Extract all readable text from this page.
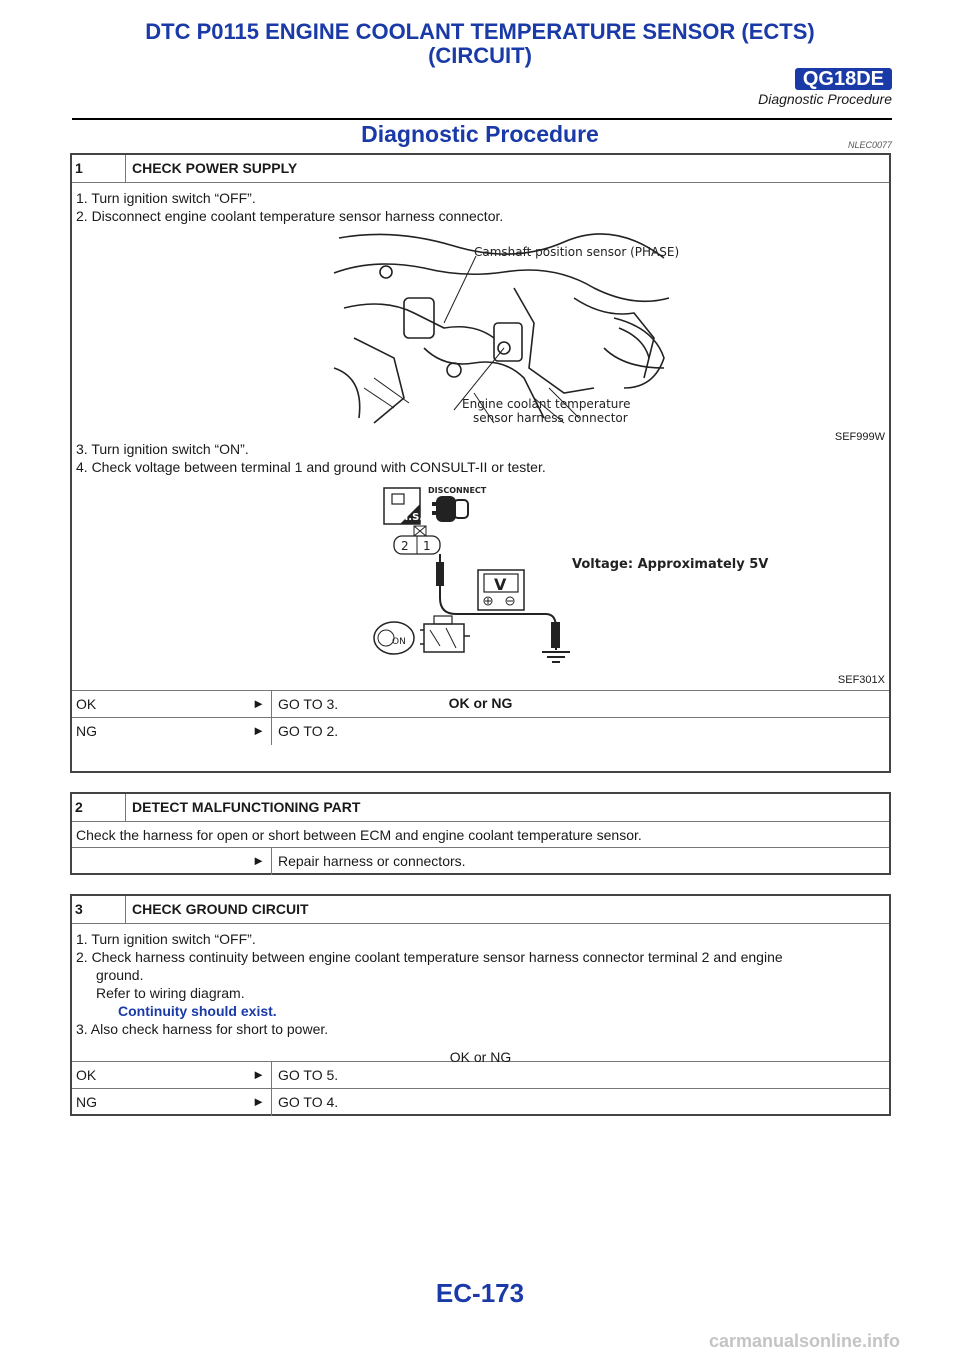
DTC P0115 ENGINE COOLANT TEMPERATURE SENSOR (ECTS)
(CIRCUIT)
QG18DE
Diagnostic Procedure
Diagnostic Procedure	NLEC0077
1	CHECK POWER SUPPLY

1. Turn ignition switch “OFF”.

2. Disconnect engine coolant temperature sensor harness connector.

Camshaft position sensor (PHASE)
Engine coolant temperature
sensor harness connector
SEF999W

3. Turn ignition switch “ON”.

4. Check voltage between terminal 1 and ground with CONSULT-II or tester.

T.S.
DISCONNECT
2 1
V
Voltage: Approximately 5V
ON
SEF301X

OK or NG

OK	► GO TO 3.
NG	► GO TO 2.
2	DETECT MALFUNCTIONING PART

Check the harness for open or short between ECM and engine coolant temperature sensor.

► Repair harness or connectors.
3	CHECK GROUND CIRCUIT

1. Turn ignition switch “OFF”.

2. Check harness continuity between engine coolant temperature sensor harness connector terminal 2 and engine

ground.

Refer to wiring diagram.

Continuity should exist.

3. Also check harness for short to power.

OK or NG

OK	► GO TO 5.
NG	► GO TO 4.
EC-173
carmanualsonline.info
